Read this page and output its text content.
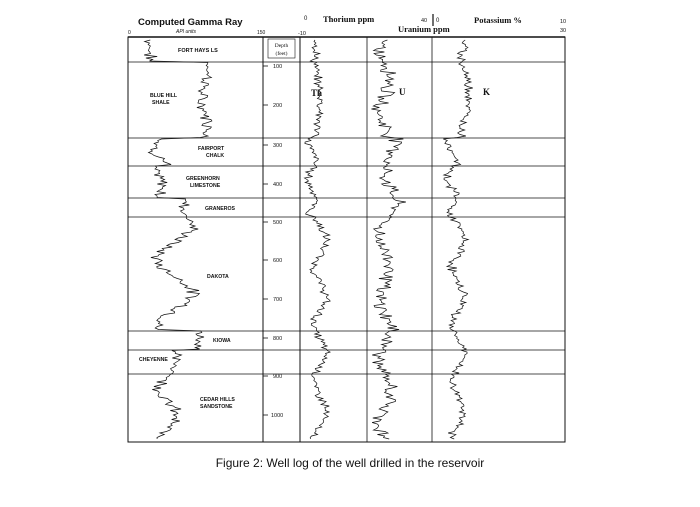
Computed Gamma Ray
API units
0	150
0 Thorium ppm
-10
40 0
Uranium ppm
Potassium %	10
30
Depth
(feet)
100
200
300
400
500
600
700
800
900
1000
FORT HAYS LS
BLUE HILL
SHALE
FAIRPORT
CHALK
GREENHORN
LIMESTONE
GRANEROS
DAKOTA
KIOWA
CHEYENNE
CEDAR HILLS
SANDSTONE
Th	U	K
Figure 2: Well log of the well drilled in the reservoir
